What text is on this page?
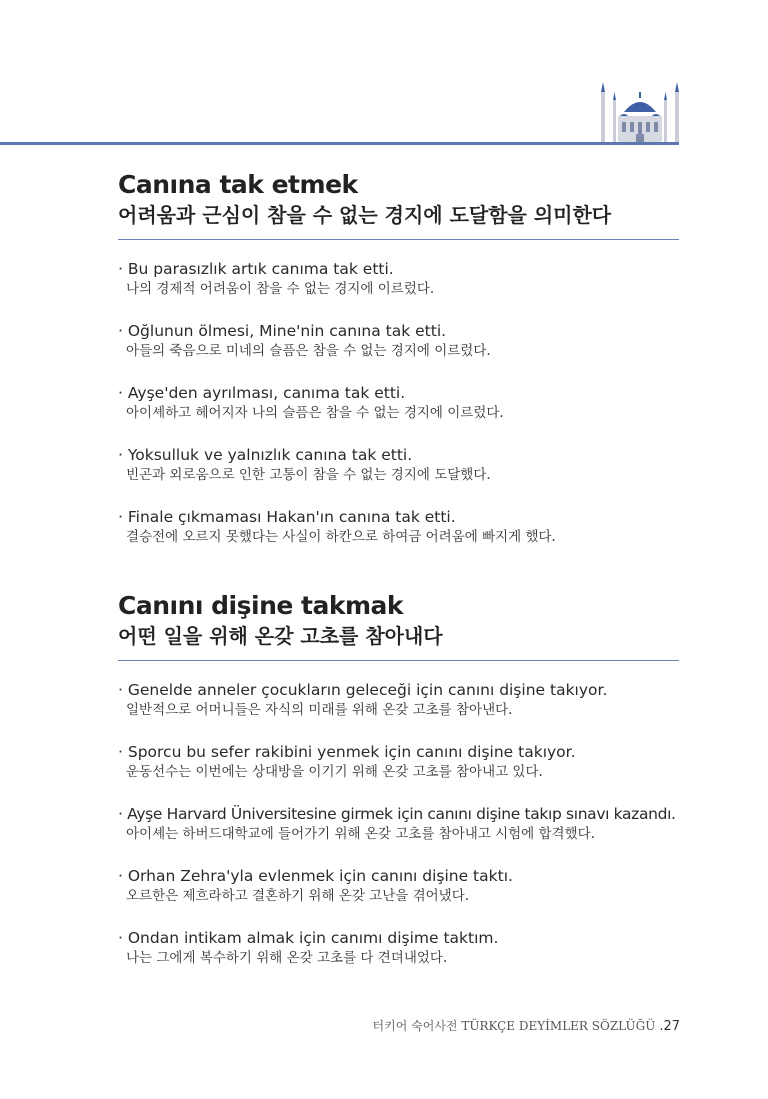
Canına tak etmek
어려움과 근심이 참을 수 없는 경지에 도달함을 의미한다
· Bu parasızlık artık canıma tak etti.
나의 경제적 어려움이 참을 수 없는 경지에 이르렀다.
· Oğlunun ölmesi, Mine'nin canına tak etti.
아들의 죽음으로 미네의 슬픔은 참을 수 없는 경지에 이르렀다.
· Ayşe'den ayrılması, canıma tak etti.
아이셰하고 헤어지자 나의 슬픔은 참을 수 없는 경지에 이르렀다.
· Yoksulluk ve yalnızlık canına tak etti.
빈곤과 외로움으로 인한 고통이 참을 수 없는 경지에 도달했다.
· Finale çıkmaması Hakan'ın canına tak etti.
결승전에 오르지 못했다는 사실이 하칸으로 하여금 어려움에 빠지게 했다.
Canını dişine takmak
어떤 일을 위해 온갖 고초를 참아내다
· Genelde anneler çocukların geleceği için canını dişine takıyor.
일반적으로 어머니들은 자식의 미래를 위해 온갖 고초를 참아낸다.
· Sporcu bu sefer rakibini yenmek için canını dişine takıyor.
운동선수는 이번에는 상대방을 이기기 위해 온갖 고초를 참아내고 있다.
· Ayşe Harvard Üniversitesine girmek için canını dişine takıp sınavı kazandı.
아이셰는 하버드대학교에 들어가기 위해 온갖 고초를 참아내고 시험에 합격했다.
· Orhan Zehra'yla evlenmek için canını dişine taktı.
오르한은 제흐라하고 결혼하기 위해 온갖 고난을 겪어냈다.
· Ondan intikam almak için canımı dişime taktım.
나는 그에게 복수하기 위해 온갖 고초를 다 견뎌내었다.
터키어 숙어사전 TÜRKÇE DEYİMLER SÖZLÜĞÜ .27
